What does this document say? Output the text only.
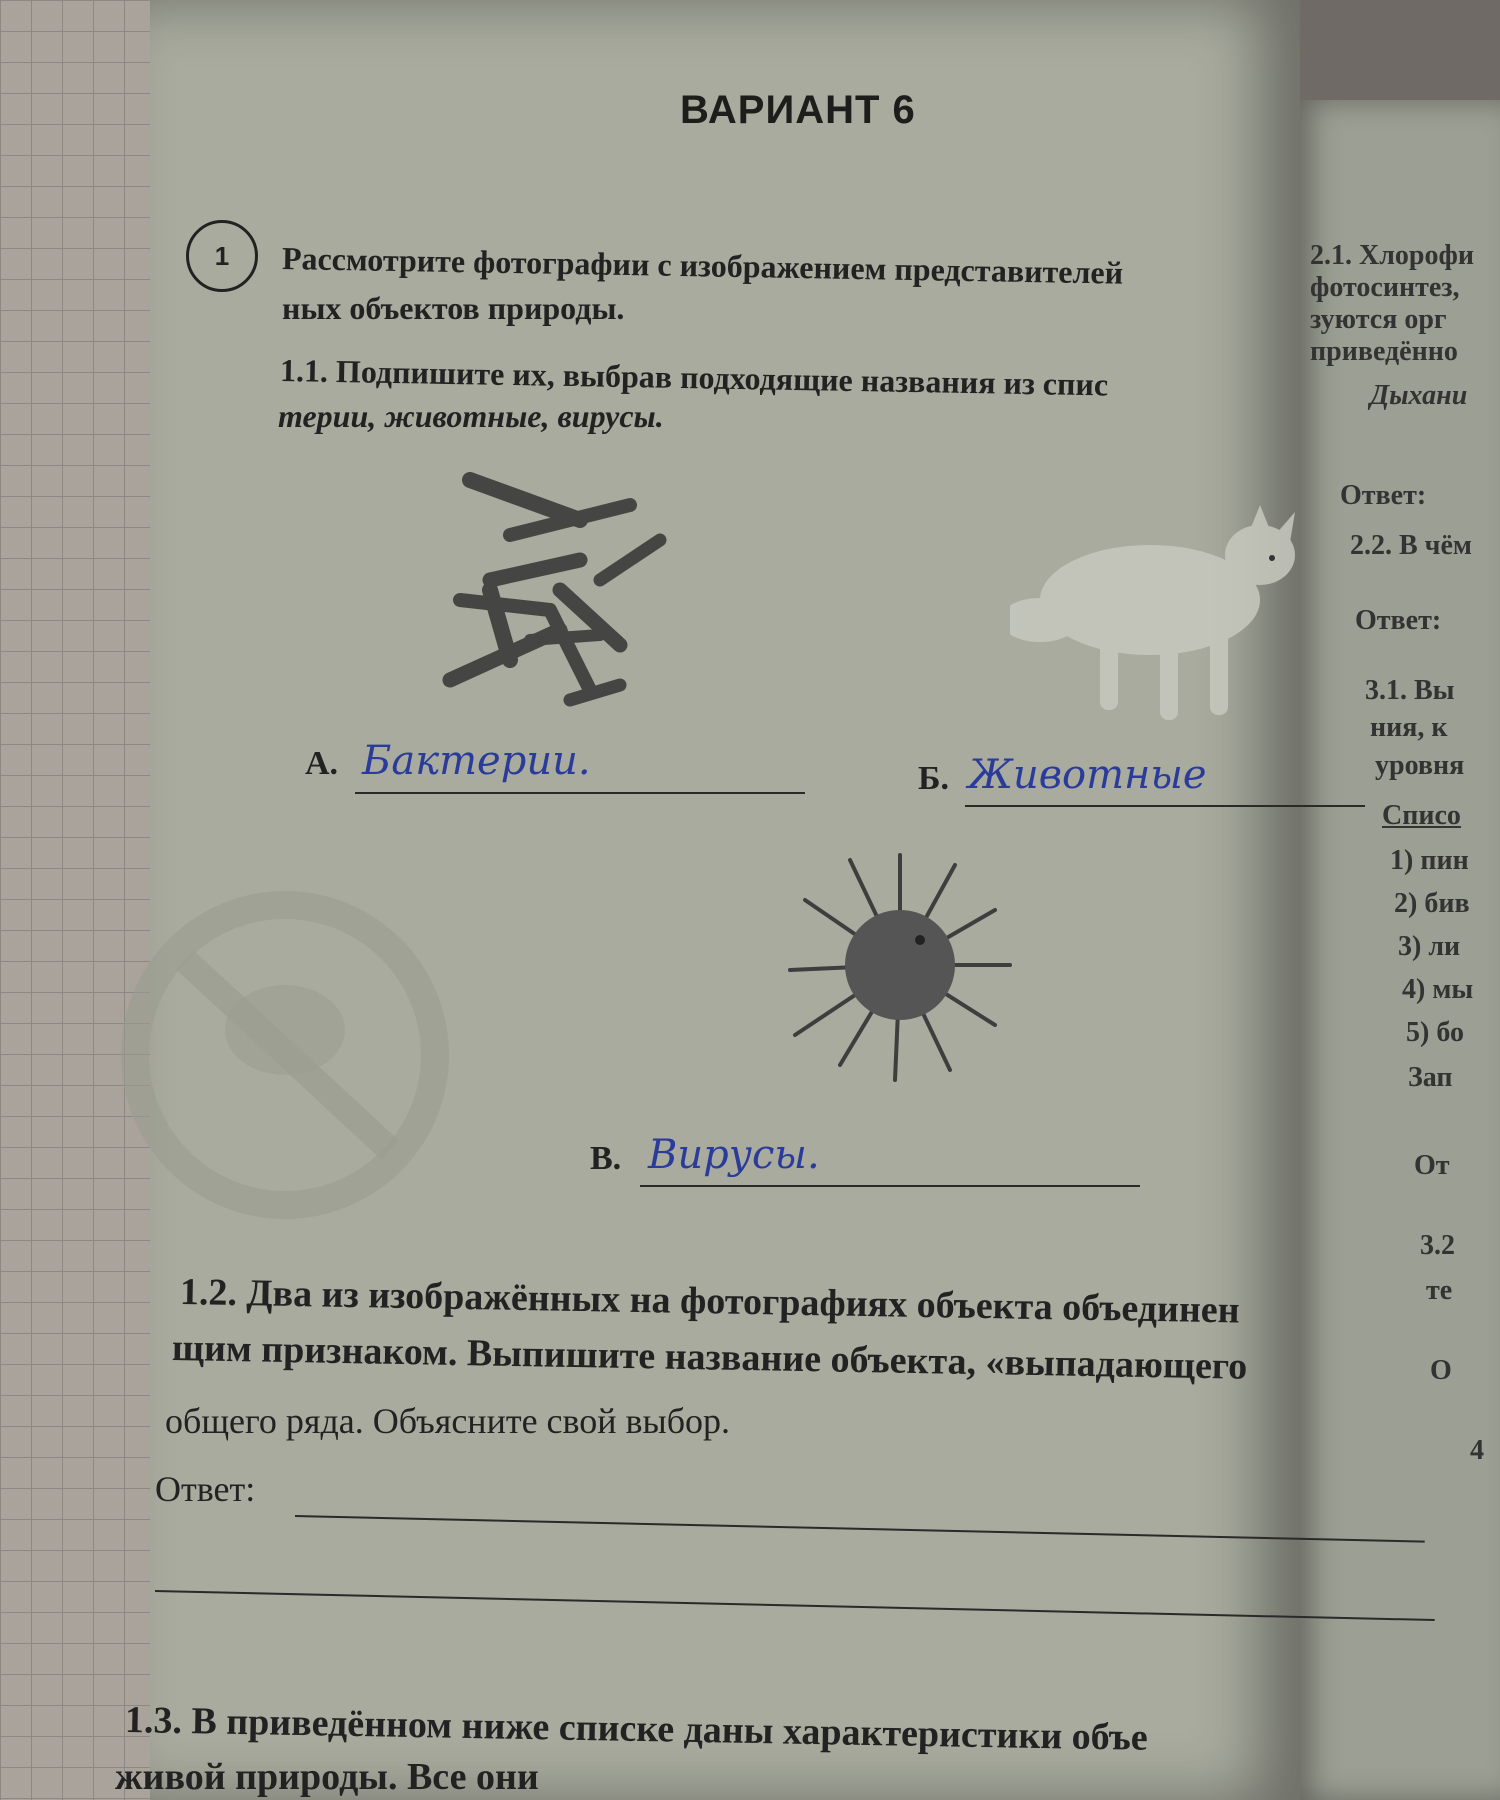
2.1. Хлорофи
фотосинтез,
зуются орг
приведённо
Дыхани
Ответ:
2.2. В чём
Ответ:
3.1. Вы
ния, к
уровня
Списо
1) пин
2) бив
3) ли
4) мы
5) бо
Зап
От
3.2
те
О
4
ВАРИАНТ 6
1	Рассмотрите фотографии с изображением представителей
ных объектов природы.
1.1. Подпишите их, выбрав подходящие названия из спис
терии, животные, вирусы.
А. Бактерии.	Б. Животные
В. Вирусы.
1.2. Два из изображённых на фотографиях объекта объединен
щим признаком. Выпишите название объекта, «выпадающего
общего ряда. Объясните свой выбор.
Ответ:
1.3. В приведённом ниже списке даны характеристики объе
живой природы. Все они
